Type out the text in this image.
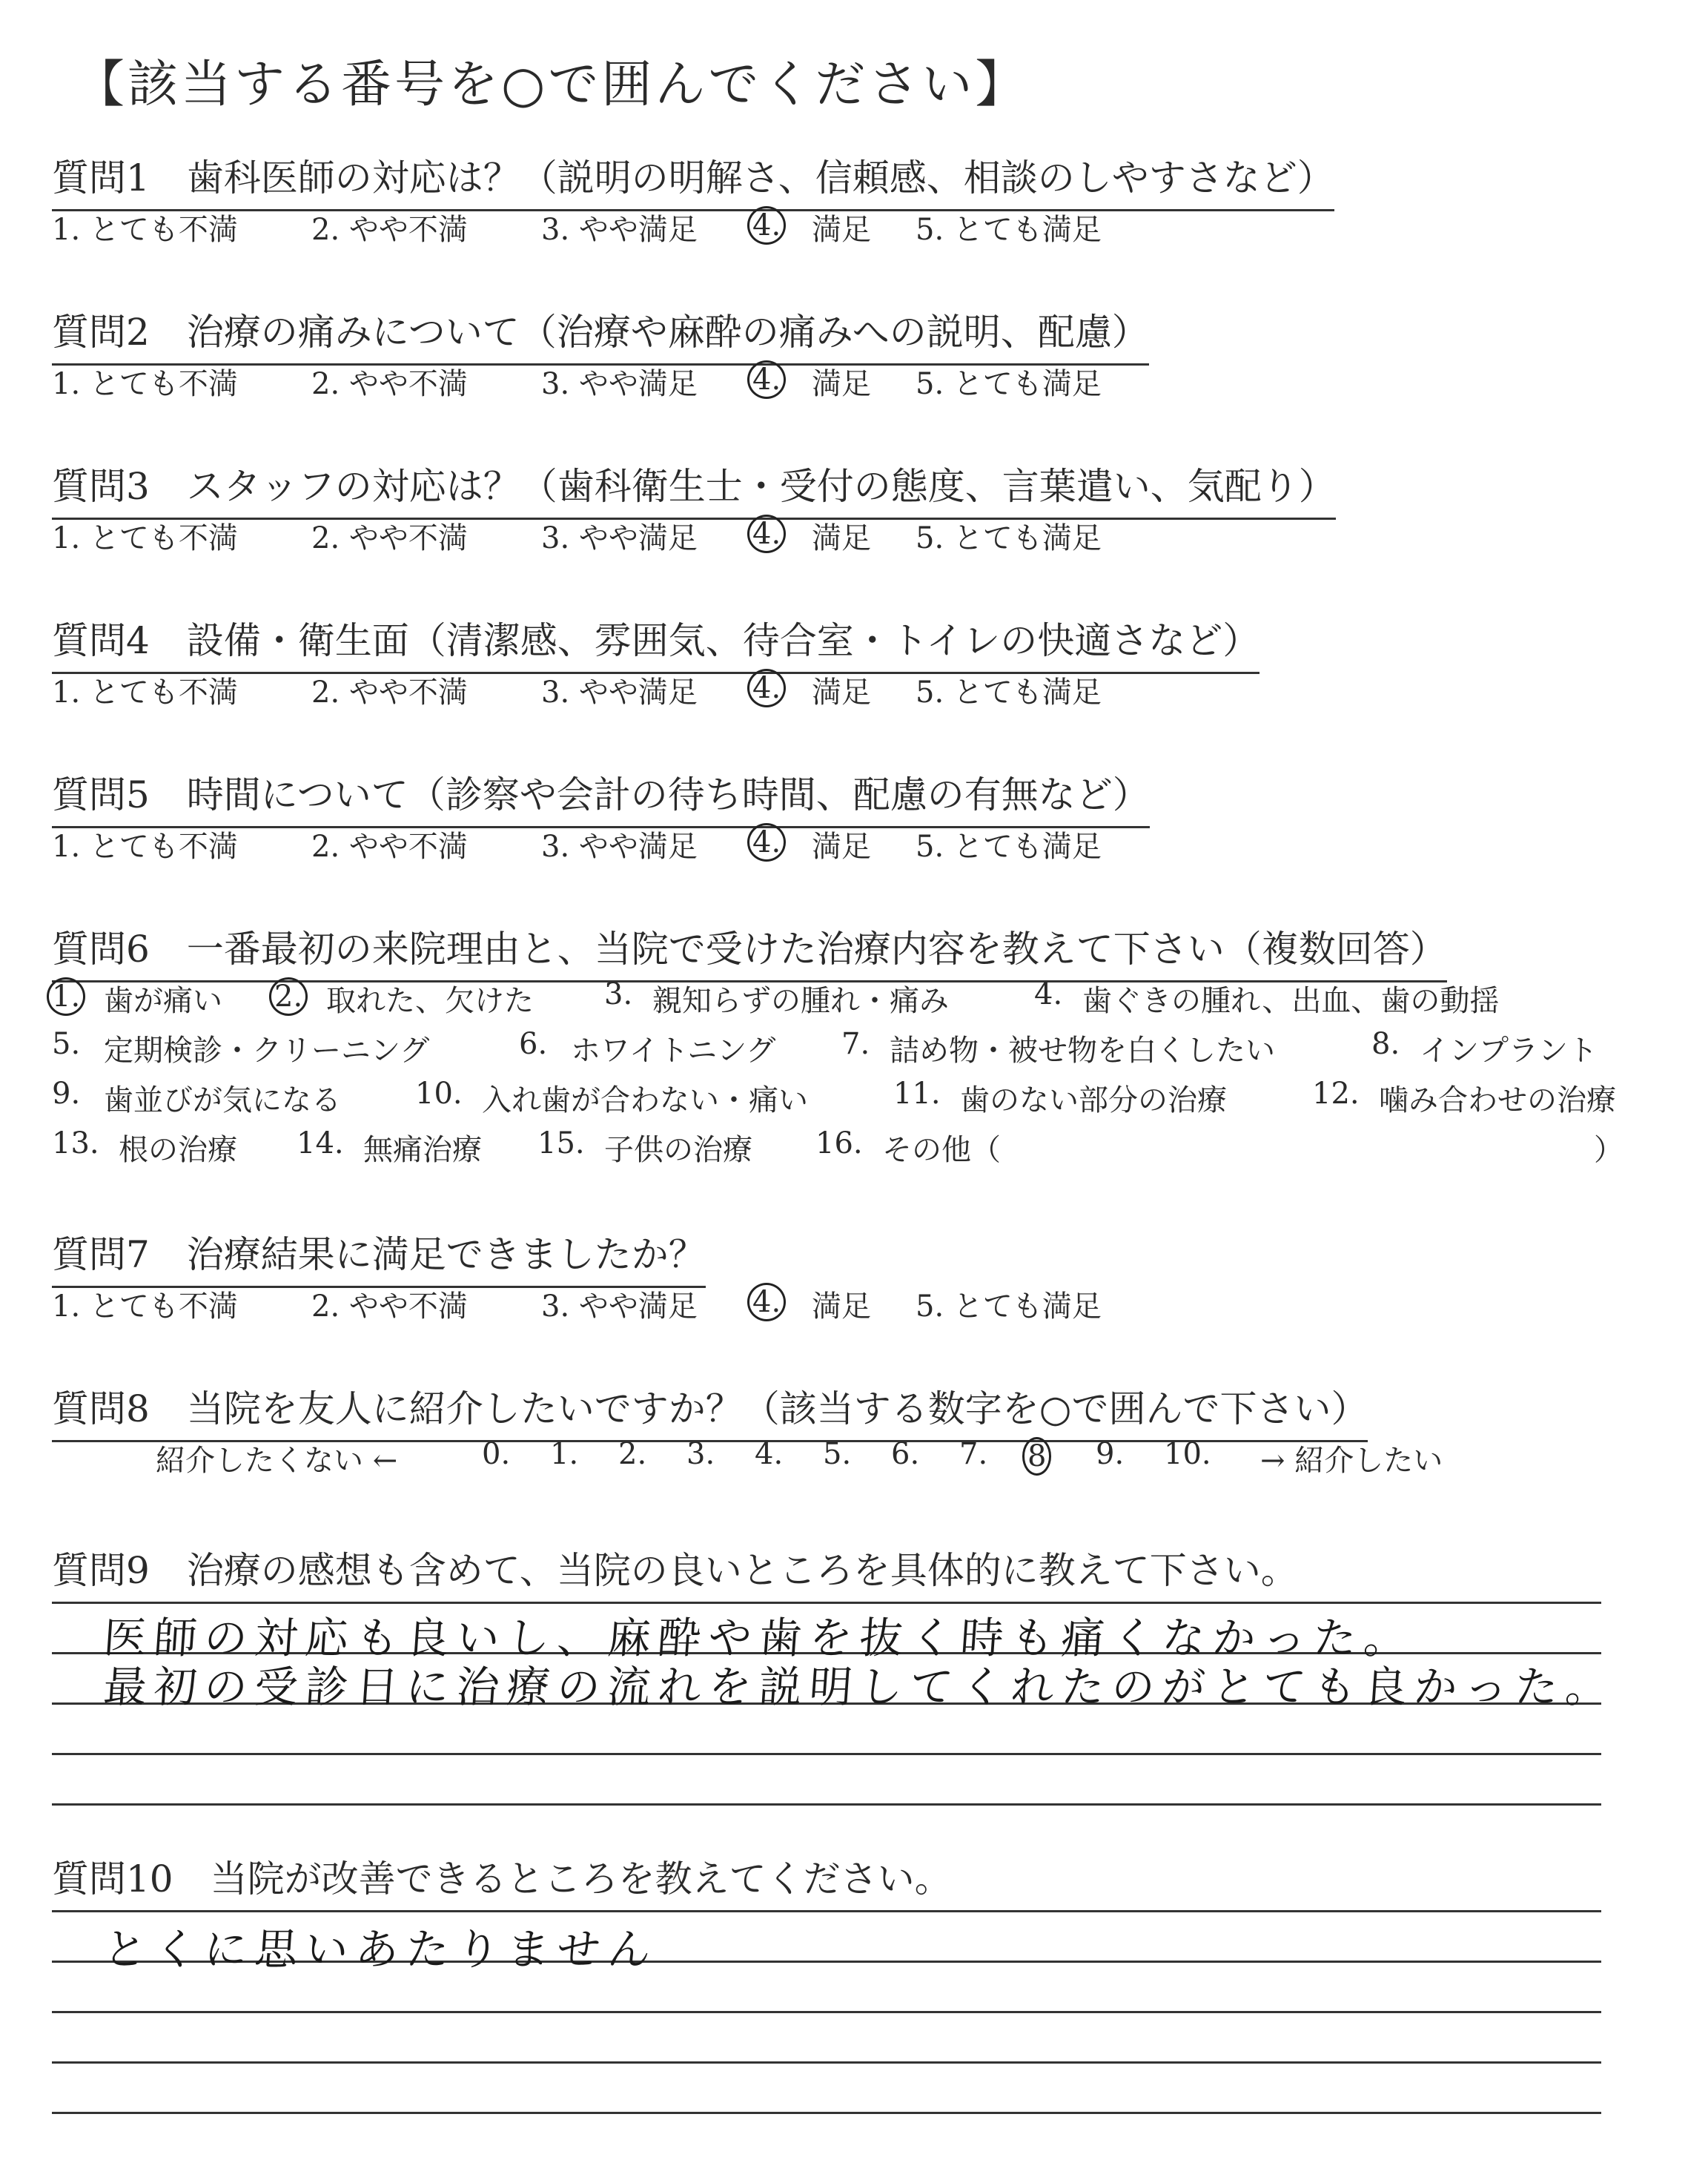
【該当する番号を○で囲んでください】
質問1　歯科医師の対応は？（説明の明解さ、信頼感、相談のしやすさなど）
1. とても不満 2. やや不満 3. やや満足 4. 満足 5. とても満足
質問2　治療の痛みについて（治療や麻酔の痛みへの説明、配慮）
1. とても不満 2. やや不満 3. やや満足 4. 満足 5. とても満足
質問3　スタッフの対応は？（歯科衛生士・受付の態度、言葉遣い、気配り）
1. とても不満 2. やや不満 3. やや満足 4. 満足 5. とても満足
質問4　設備・衛生面（清潔感、雰囲気、待合室・トイレの快適さなど）
1. とても不満 2. やや不満 3. やや満足 4. 満足 5. とても満足
質問5　時間について（診察や会計の待ち時間、配慮の有無など）
1. とても不満 2. やや不満 3. やや満足 4. 満足 5. とても満足
質問6　一番最初の来院理由と、当院で受けた治療内容を教えて下さい（複数回答）
1. 歯が痛い 2. 取れた、欠けた 3. 親知らずの腫れ・痛み	4. 歯ぐきの腫れ、出血、歯の動揺
5. 定期検診・クリーニング	6. ホワイトニング 7. 詰め物・被せ物を白くしたい	8. インプラント
9. 歯並びが気になる	10. 入れ歯が合わない・痛い	11. 歯のない部分の治療	12. 噛み合わせの治療
13. 根の治療 14. 無痛治療 15. 子供の治療 16. その他（	）
質問7　治療結果に満足できましたか？
1. とても不満 2. やや不満 3. やや満足 4. 満足 5. とても満足
質問8　当院を友人に紹介したいですか？（該当する数字を○で囲んで下さい）
紹介したくない ←	0. 1. 2. 3. 4. 5. 6. 7. 8 9. 10. → 紹介したい
質問9　治療の感想も含めて、当院の良いところを具体的に教えて下さい。
医師の対応も良いし、麻酔や歯を抜く時も痛くなかった。
最初の受診日に治療の流れを説明してくれたのがとても良かった。
質問10　当院が改善できるところを教えてください。
とくに思いあたりません
